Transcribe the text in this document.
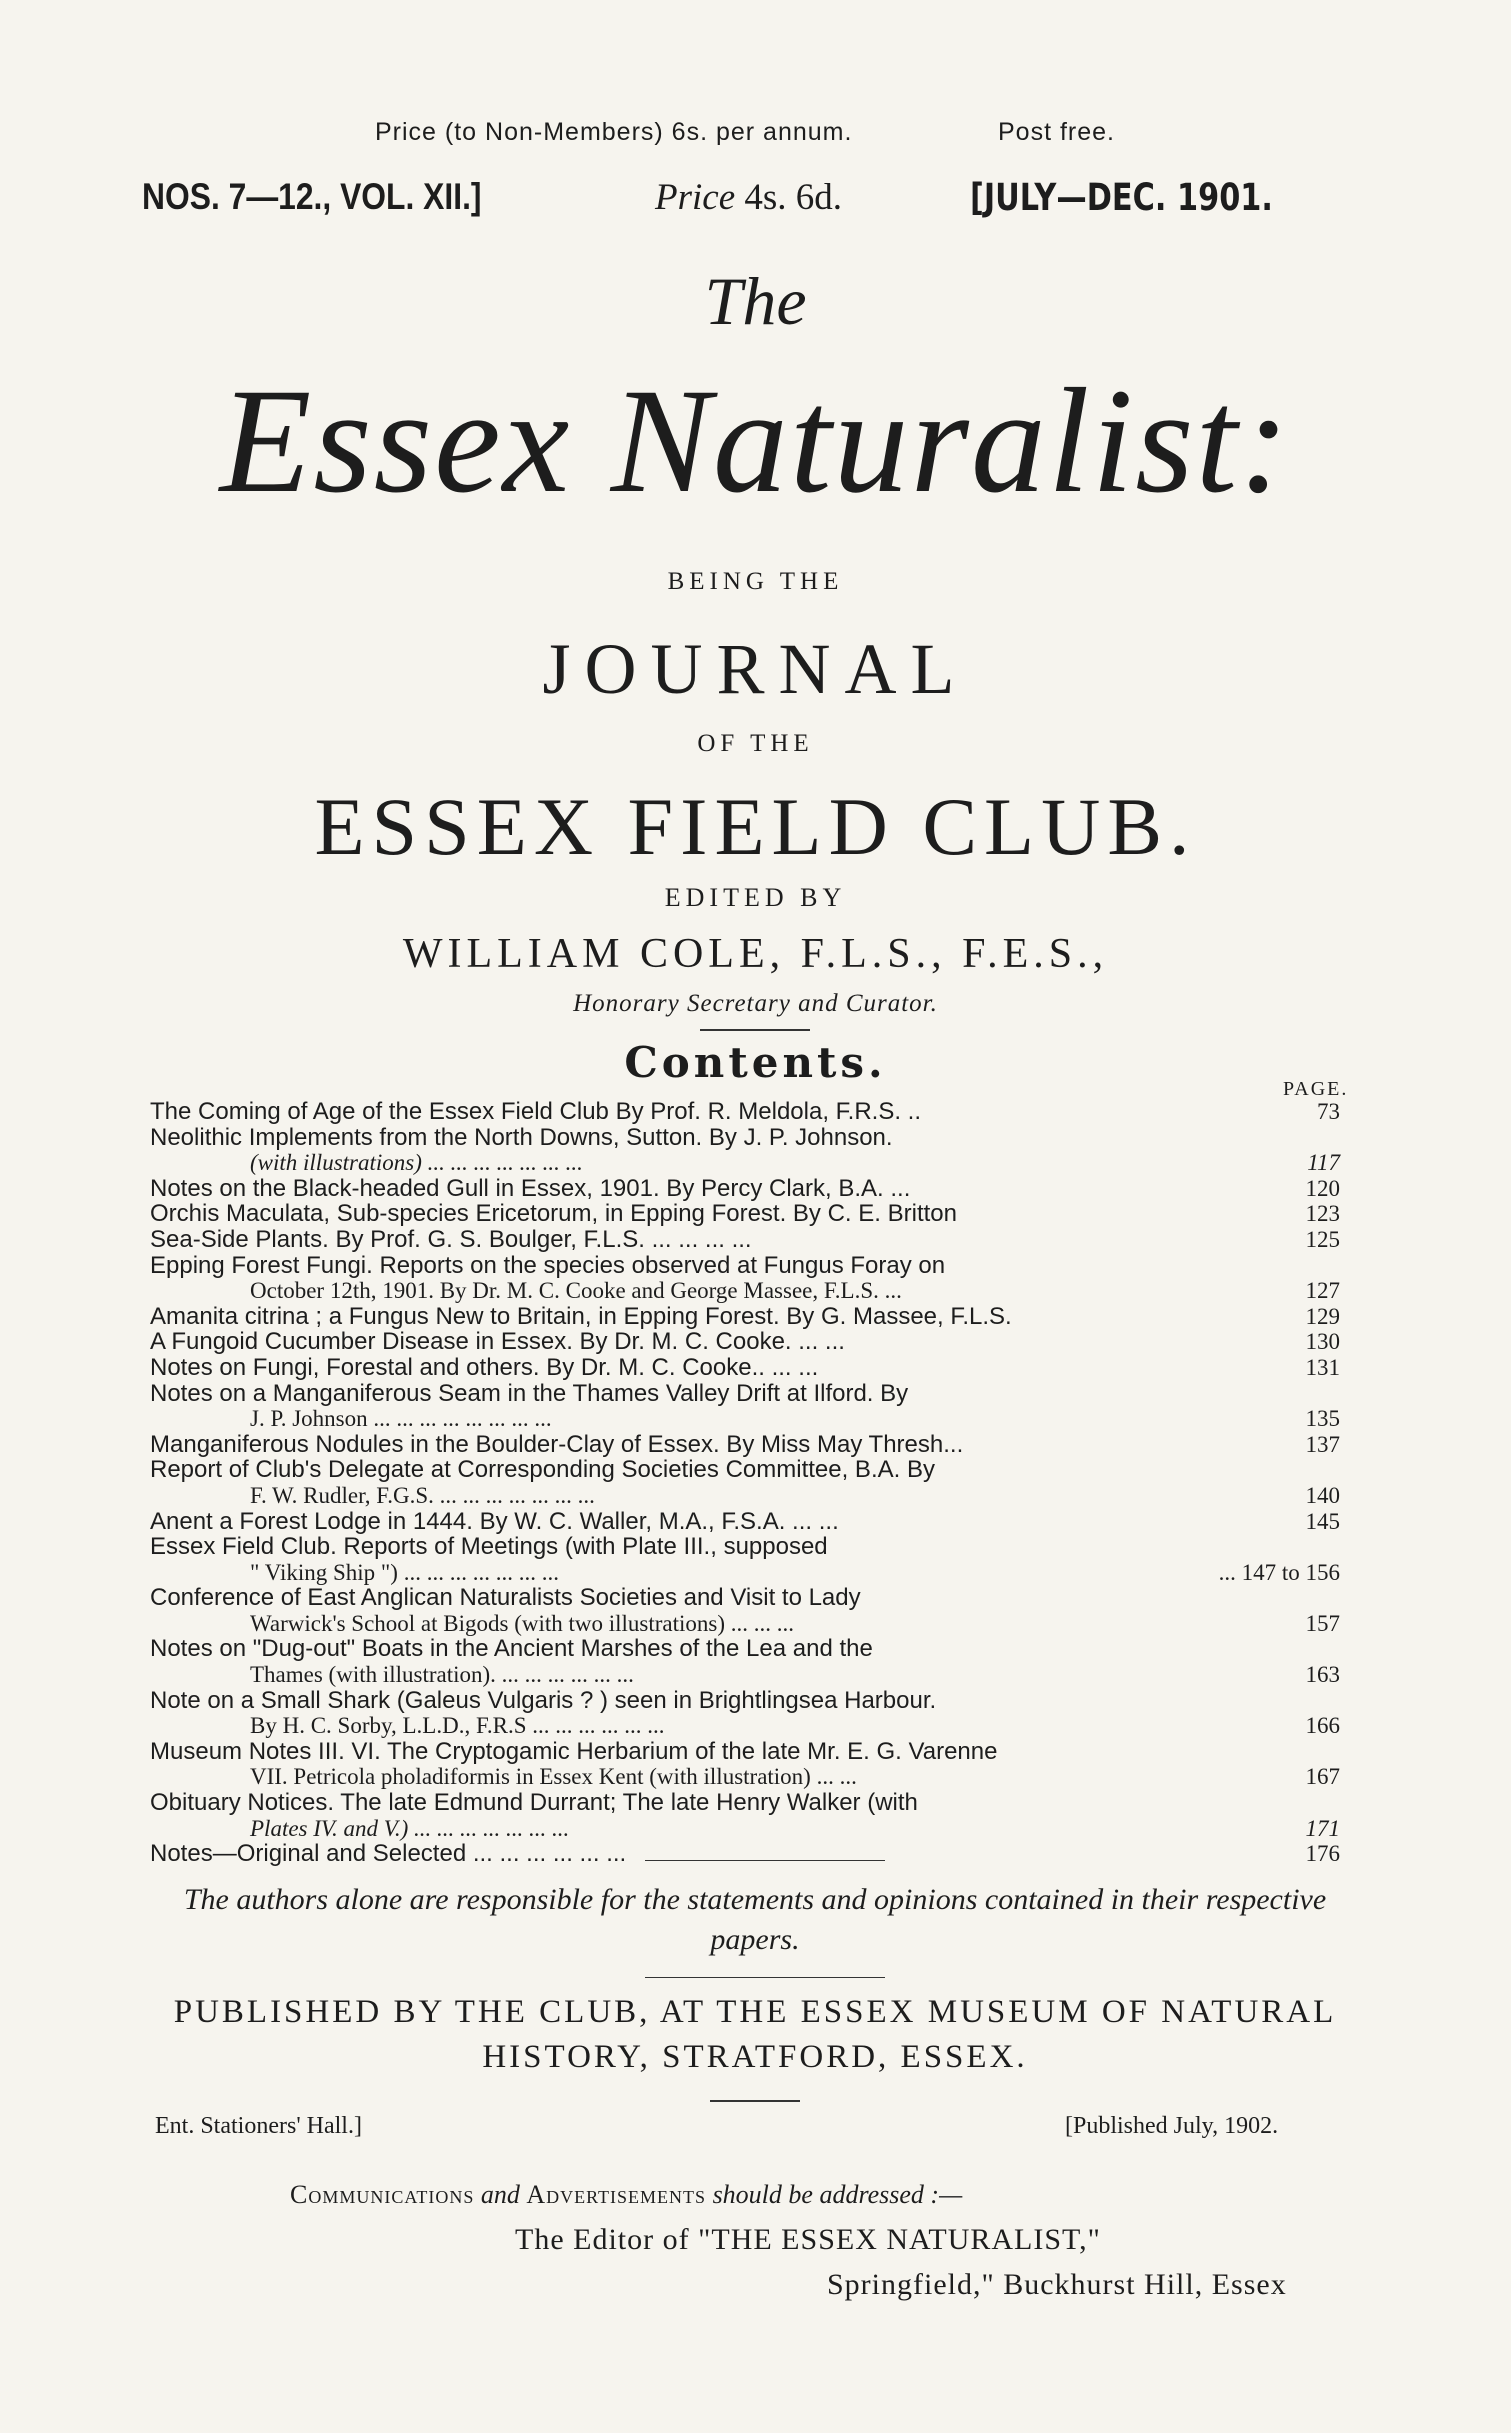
Price (to Non-Members) 6s. per annum.	Post free.
NOS. 7—12., VOL. XII.]	Price 4s. 6d.	[JULY—DEC. 1901.
The
Essex Naturalist:
BEING THE
JOURNAL
OF THE
ESSEX FIELD CLUB.
EDITED BY
WILLIAM COLE, F.L.S., F.E.S.,
Honorary Secretary and Curator.
Contents.
PAGE.
The Coming of Age of the Essex Field Club By Prof. R. Meldola, F.R.S. ..	73
Neolithic Implements from the North Downs, Sutton. By J. P. Johnson.
(with illustrations) ... ... ... ... ... ... ...	117
Notes on the Black-headed Gull in Essex, 1901. By Percy Clark, B.A. ...	120
Orchis Maculata, Sub-species Ericetorum, in Epping Forest. By C. E. Britton	123
Sea-Side Plants. By Prof. G. S. Boulger, F.L.S. ... ... ... ...	125
Epping Forest Fungi. Reports on the species observed at Fungus Foray on
October 12th, 1901. By Dr. M. C. Cooke and George Massee, F.L.S. ...	127
Amanita citrina ; a Fungus New to Britain, in Epping Forest. By G. Massee, F.L.S.	129
A Fungoid Cucumber Disease in Essex. By Dr. M. C. Cooke. ... ...	130
Notes on Fungi, Forestal and others. By Dr. M. C. Cooke.. ... ...	131
Notes on a Manganiferous Seam in the Thames Valley Drift at Ilford. By
J. P. Johnson ... ... ... ... ... ... ... ...	135
Manganiferous Nodules in the Boulder-Clay of Essex. By Miss May Thresh...	137
Report of Club's Delegate at Corresponding Societies Committee, B.A. By
F. W. Rudler, F.G.S. ... ... ... ... ... ... ...	140
Anent a Forest Lodge in 1444. By W. C. Waller, M.A., F.S.A. ... ...	145
Essex Field Club. Reports of Meetings (with Plate III., supposed
" Viking Ship ") ... ... ... ... ... ... ...	... 147 to 156
Conference of East Anglican Naturalists Societies and Visit to Lady
Warwick's School at Bigods (with two illustrations) ... ... ...	157
Notes on "Dug-out" Boats in the Ancient Marshes of the Lea and the
Thames (with illustration). ... ... ... ... ... ...	163
Note on a Small Shark (Galeus Vulgaris ? ) seen in Brightlingsea Harbour.
By H. C. Sorby, L.L.D., F.R.S ... ... ... ... ... ...	166
Museum Notes III. VI. The Cryptogamic Herbarium of the late Mr. E. G. Varenne
VII. Petricola pholadiformis in Essex Kent (with illustration) ... ...	167
Obituary Notices. The late Edmund Durrant; The late Henry Walker (with
Plates IV. and V.) ... ... ... ... ... ... ...	171
Notes—Original and Selected ... ... ... ... ... ...	176
The authors alone are responsible for the statements and opinions contained in their respective papers.
PUBLISHED BY THE CLUB, AT THE ESSEX MUSEUM OF NATURAL HISTORY, STRATFORD, ESSEX.
Ent. Stationers' Hall.]	[Published July, 1902.
Communications and Advertisements should be addressed :—
The Editor of "THE ESSEX NATURALIST,"
Springfield," Buckhurst Hill, Essex
